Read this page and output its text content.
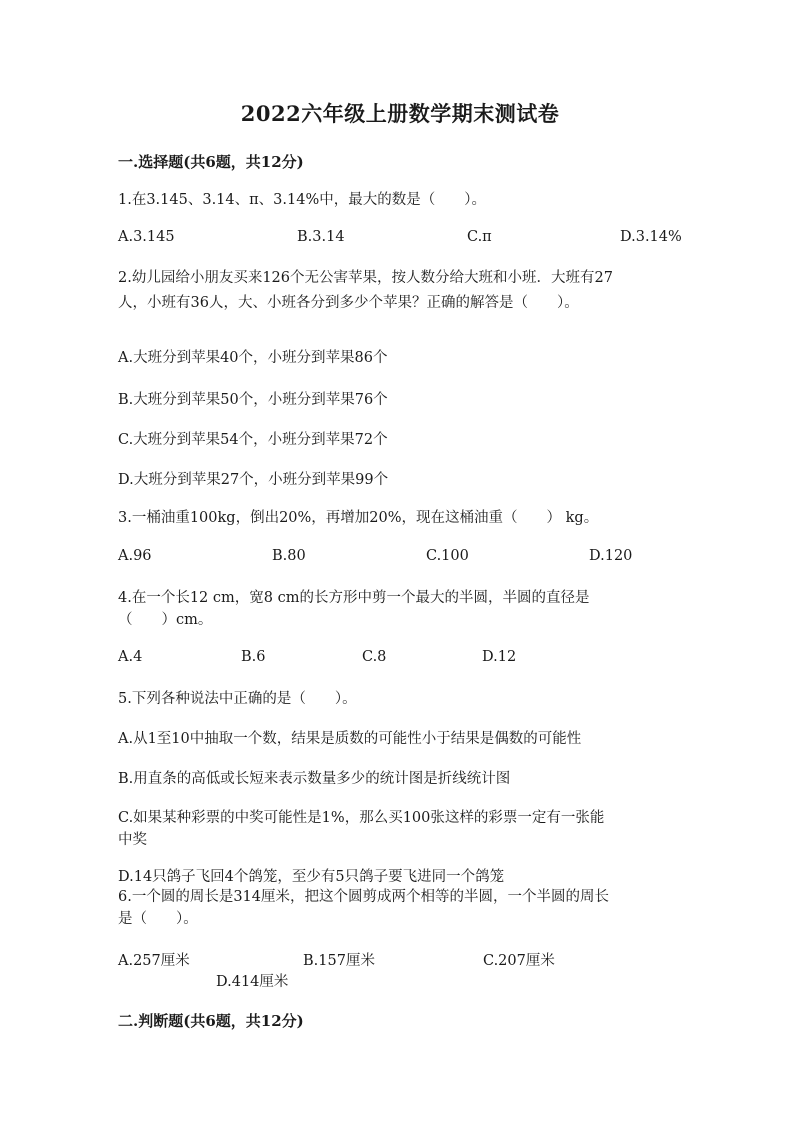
2022六年级上册数学期末测试卷
一.选择题(共6题，共12分)
1.在3.145、3.14、π、3.14%中，最大的数是（　　）。
A.3.145	B.3.14	C.π	D.3.14%
2.幼儿园给小朋友买来126个无公害苹果，按人数分给大班和小班．大班有27
人，小班有36人，大、小班各分到多少个苹果？正确的解答是（　　）。
A.大班分到苹果40个，小班分到苹果86个
B.大班分到苹果50个，小班分到苹果76个
C.大班分到苹果54个，小班分到苹果72个
D.大班分到苹果27个，小班分到苹果99个
3.一桶油重100kg，倒出20%，再增加20%，现在这桶油重（　　） kg。
A.96	B.80	C.100	D.120
4.在一个长12 cm，宽8 cm的长方形中剪一个最大的半圆，半圆的直径是
（　　）cm。
A.4	B.6	C.8	D.12
5.下列各种说法中正确的是（　　）。
A.从1至10中抽取一个数，结果是质数的可能性小于结果是偶数的可能性
B.用直条的高低或长短来表示数量多少的统计图是折线统计图
C.如果某种彩票的中奖可能性是1%，那么买100张这样的彩票一定有一张能
中奖
D.14只鸽子飞回4个鸽笼，至少有5只鸽子要飞进同一个鸽笼
6.一个圆的周长是314厘米，把这个圆剪成两个相等的半圆，一个半圆的周长
是（　　）。
A.257厘米	B.157厘米	C.207厘米
D.414厘米
二.判断题(共6题，共12分)
